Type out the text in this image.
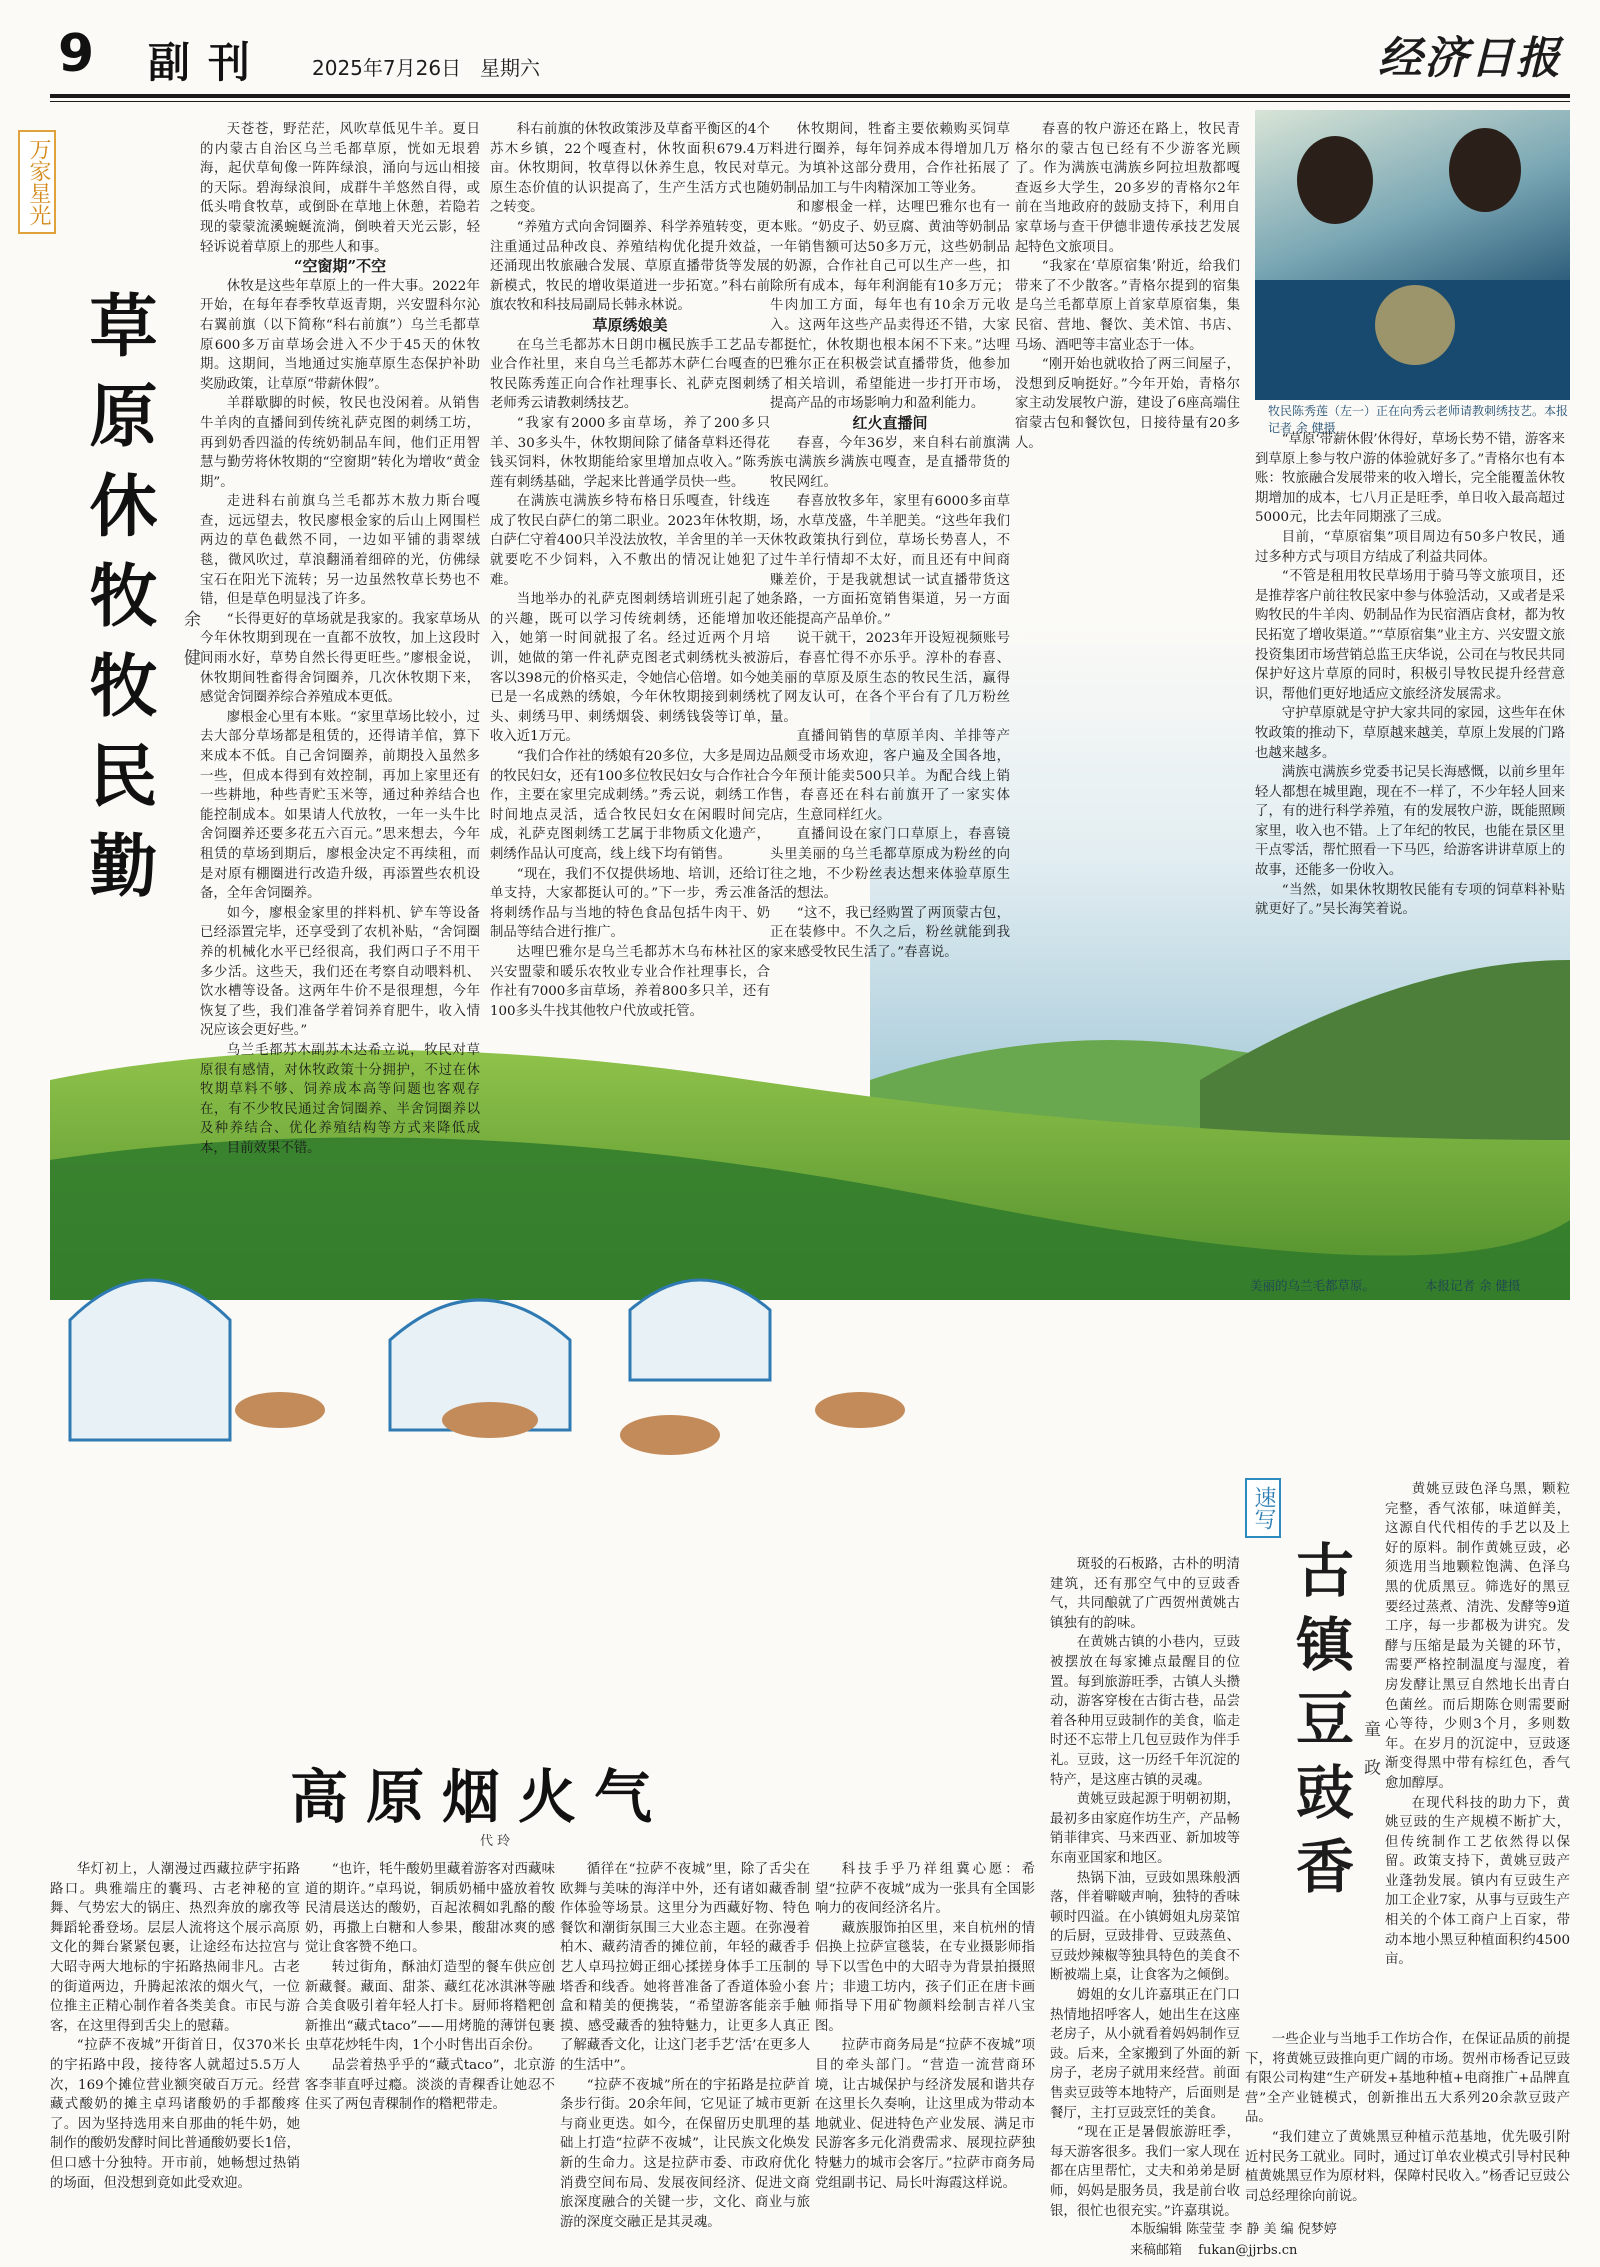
9 副刊 2025年7月26日 星期六	经济日报
万家星光
草原休牧牧民勤	余 健
牧民陈秀莲（左一）正在向秀云老师请教刺绣技艺。本报记者 余 健摄

天苍苍，野茫茫，风吹草低见牛羊。夏日的内蒙古自治区乌兰毛都草原，恍如无垠碧海，起伏草甸像一阵阵绿浪，涌向与远山相接的天际。碧海绿浪间，成群牛羊悠然自得，或低头啃食牧草，或倒卧在草地上休憩，若隐若现的蒙蒙流溪蜿蜒流淌，倒映着天光云影，轻轻诉说着草原上的那些人和事。

“空窗期”不空

休牧是这些年草原上的一件大事。2022年开始，在每年春季牧草返青期，兴安盟科尔沁右翼前旗（以下简称“科右前旗”）乌兰毛都草原600多万亩草场会进入不少于45天的休牧期。这期间，当地通过实施草原生态保护补助奖励政策，让草原“带薪休假”。

羊群歇脚的时候，牧民也没闲着。从销售牛羊肉的直播间到传统礼萨克图的刺绣工坊，再到奶香四溢的传统奶制品车间，他们正用智慧与勤劳将休牧期的“空窗期”转化为增收“黄金期”。

走进科右前旗乌兰毛都苏木敖力斯台嘎查，远远望去，牧民廖根金家的后山上网围栏两边的草色截然不同，一边如平铺的翡翠绒毯，微风吹过，草浪翻涌着细碎的光，仿佛绿宝石在阳光下流转；另一边虽然牧草长势也不错，但是草色明显浅了许多。

“长得更好的草场就是我家的。我家草场从今年休牧期到现在一直都不放牧，加上这段时间雨水好，草势自然长得更旺些。”廖根金说，休牧期间牲畜得舍饲圈养，几次休牧期下来，感觉舍饲圈养综合养殖成本更低。

廖根金心里有本账。“家里草场比较小，过去大部分草场都是租赁的，还得请羊倌，算下来成本不低。自己舍饲圈养，前期投入虽然多一些，但成本得到有效控制，再加上家里还有一些耕地，种些青贮玉米等，通过种养结合也能控制成本。如果请人代放牧，一年一头牛比舍饲圈养还要多花五六百元。”思来想去，今年租赁的草场到期后，廖根金决定不再续租，而是对原有棚圈进行改造升级，再添置些农机设备，全年舍饲圈养。

如今，廖根金家里的拌料机、铲车等设备已经添置完毕，还享受到了农机补贴，“舍饲圈养的机械化水平已经很高，我们两口子不用干多少活。这些天，我们还在考察自动喂料机、饮水槽等设备。这两年牛价不是很理想，今年恢复了些，我们准备学着饲养育肥牛，收入情况应该会更好些。”

乌兰毛都苏木副苏木达希立说，牧民对草原很有感情，对休牧政策十分拥护，不过在休牧期草料不够、饲养成本高等问题也客观存在，有不少牧民通过舍饲圈养、半舍饲圈养以及种养结合、优化养殖结构等方式来降低成本，目前效果不错。

科右前旗的休牧政策涉及草畜平衡区的4个苏木乡镇，22个嘎查村，休牧面积679.4万亩。休牧期间，牧草得以休养生息，牧民对草原生态价值的认识提高了，生产生活方式也随之转变。

“养殖方式向舍饲圈养、科学养殖转变，更注重通过品种改良、养殖结构优化提升效益，还涌现出牧旅融合发展、草原直播带货等发展新模式，牧民的增收渠道进一步拓宽。”科右前旗农牧和科技局副局长韩永林说。

草原绣娘美

在乌兰毛都苏木日朗巾楓民族手工艺品专业合作社里，来自乌兰毛都苏木萨仁台嘎查的牧民陈秀莲正向合作社理事长、礼萨克图刺绣老师秀云请教刺绣技艺。

“我家有2000多亩草场，养了200多只羊、30多头牛，休牧期间除了储备草料还得花钱买饲料，休牧期能给家里增加点收入。”陈秀莲有刺绣基础，学起来比普通学员快一些。

在满族屯满族乡特布格日乐嘎查，针线连成了牧民白萨仁的第二职业。2023年休牧期，白萨仁守着400只羊没法放牧，羊舍里的羊一天就要吃不少饲料，入不敷出的情况让她犯了难。

当地举办的礼萨克图刺绣培训班引起了她的兴趣，既可以学习传统刺绣，还能增加收入，她第一时间就报了名。经过近两个月培训，她做的第一件礼萨克图老式刺绣枕头被游客以398元的价格买走，令她信心倍增。如今她已是一名成熟的绣娘，今年休牧期接到刺绣枕头、刺绣马甲、刺绣烟袋、刺绣钱袋等订单，收入近1万元。

“我们合作社的绣娘有20多位，大多是周边的牧民妇女，还有100多位牧民妇女与合作社合作，主要在家里完成刺绣。”秀云说，刺绣工作时间地点灵活，适合牧民妇女在闲暇时间完成，礼萨克图刺绣工艺属于非物质文化遗产，刺绣作品认可度高，线上线下均有销售。

“现在，我们不仅提供场地、培训，还给订单支持，大家都挺认可的。”下一步，秀云准备将刺绣作品与当地的特色食品包括牛肉干、奶制品等结合进行推广。

达哩巴雅尔是乌兰毛都苏木乌布林社区的兴安盟蒙和暖乐农牧业专业合作社理事长，合作社有7000多亩草场，养着800多只羊，还有100多头牛找其他牧户代放或托管。

休牧期间，牲畜主要依赖购买饲草料进行圈养，每年饲养成本得增加几万元。为填补这部分费用，合作社拓展了奶制品加工与牛肉精深加工等业务。

和廖根金一样，达哩巴雅尔也有一本账。“奶皮子、奶豆腐、黄油等奶制品一年销售额可达50多万元，这些奶制品的奶源，合作社自己可以生产一些，扣除所有成本，每年利润能有10多万元；牛肉加工方面，每年也有10余万元收入。这两年这些产品卖得还不错，大家都挺忙，休牧期也根本闲不下来。”达哩巴雅尔正在积极尝试直播带货，他参加了相关培训，希望能进一步打开市场，提高产品的市场影响力和盈利能力。

红火直播间

春喜，今年36岁，来自科右前旗满族屯满族乡满族屯嘎查，是直播带货的牧民网红。

春喜放牧多年，家里有6000多亩草场，水草茂盛，牛羊肥美。“这些年我们休牧政策执行到位，草场长势喜人，不过牛羊行情却不太好，而且还有中间商赚差价，于是我就想试一试直播带货这条路，一方面拓宽销售渠道，另一方面还能提高产品单价。”

说干就干，2023年开设短视频账号后，春喜忙得不亦乐乎。淳朴的春喜、美丽的草原及原生态的牧民生活，赢得了网友认可，在各个平台有了几万粉丝量。

直播间销售的草原羊肉、羊排等产品颇受市场欢迎，客户遍及全国各地，今年预计能卖500只羊。为配合线上销售，春喜还在科右前旗开了一家实体店，生意同样红火。

直播间设在家门口草原上，春喜镜头里美丽的乌兰毛都草原成为粉丝的向往之地，不少粉丝表达想来体验草原生活的想法。

“这不，我已经购置了两顶蒙古包，正在装修中。不久之后，粉丝就能到我家来感受牧民生活了。”春喜说。

春喜的牧户游还在路上，牧民青格尔的蒙古包已经有不少游客光顾了。作为满族屯满族乡阿拉坦敖都嘎查返乡大学生，20多岁的青格尔2年前在当地政府的鼓励支持下，利用自家草场与查干伊德非遗传承技艺发展起特色文旅项目。

“我家在‘草原宿集’附近，给我们带来了不少散客。”青格尔提到的宿集是乌兰毛都草原上首家草原宿集，集民宿、营地、餐饮、美术馆、书店、马场、酒吧等丰富业态于一体。

“刚开始也就收拾了两三间屋子，没想到反响挺好。”今年开始，青格尔家主动发展牧户游，建设了6座高端住宿蒙古包和餐饮包，日接待量有20多人。	“草原‘带薪休假’休得好，草场长势不错，游客来到草原上参与牧户游的体验就好多了。”青格尔也有本账：牧旅融合发展带来的收入增长，完全能覆盖休牧期增加的成本，七八月正是旺季，单日收入最高超过5000元，比去年同期涨了三成。

目前，“草原宿集”项目周边有50多户牧民，通过多种方式与项目方结成了利益共同体。

“不管是租用牧民草场用于骑马等文旅项目，还是推荐客户前往牧民家中参与体验活动，又或者是采购牧民的牛羊肉、奶制品作为民宿酒店食材，都为牧民拓宽了增收渠道。”“草原宿集”业主方、兴安盟文旅投资集团市场营销总监王庆华说，公司在与牧民共同保护好这片草原的同时，积极引导牧民提升经营意识，帮他们更好地适应文旅经济发展需求。

守护草原就是守护大家共同的家园，这些年在休牧政策的推动下，草原越来越美，草原上发展的门路也越来越多。

满族屯满族乡党委书记吴长海感慨，以前乡里年轻人都想在城里跑，现在不一样了，不少年轻人回来了，有的进行科学养殖，有的发展牧户游，既能照顾家里，收入也不错。上了年纪的牧民，也能在景区里干点零活，帮忙照看一下马匹，给游客讲讲草原上的故事，还能多一份收入。

“当然，如果休牧期牧民能有专项的饲草料补贴就更好了。”吴长海笑着说。

美丽的乌兰毛都草原。	本报记者 余 健摄
高原烟火气
代 玲

华灯初上，人潮漫过西藏拉萨宇拓路路口。典雅端庄的囊玛、古老神秘的宣舞、气势宏大的锅庄、热烈奔放的廓孜等舞蹈轮番登场。层层人流将这个展示高原文化的舞台紧紧包裹，让途经布达拉宫与大昭寺两大地标的宇拓路热闹非凡。古老的街道两边，升腾起浓浓的烟火气，一位位推主正精心制作着各类美食。市民与游客，在这里得到舌尖上的慰藉。

“拉萨不夜城”开街首日，仅370米长的宇拓路中段，接待客人就超过5.5万人次，169个摊位营业额突破百万元。经营藏式酸奶的摊主卓玛诸酸奶的手都酸疼了。因为坚持选用来自那曲的牦牛奶，她制作的酸奶发酵时间比普通酸奶要长1倍，但口感十分独特。开市前，她畅想过热销的场面，但没想到竟如此受欢迎。

“也许，牦牛酸奶里藏着游客对西藏味道的期许。”卓玛说，铜质奶桶中盛放着牧民清晨送达的酸奶，百起浓稠如乳酪的酸奶，再撒上白糖和人参果，酸甜冰爽的感觉让食客赞不绝口。

转过街角，酥油灯造型的餐车供应创新藏餐。藏面、甜茶、藏红花冰淇淋等融合美食吸引着年轻人打卡。厨师将糌粑创新推出“藏式taco”——用烤脆的薄饼包裹虫草花炒牦牛肉，1个小时售出百余份。

品尝着热乎乎的“藏式taco”，北京游客李菲直呼过瘾。淡淡的青稞香让她忍不住买了两包青稞制作的糌粑带走。

循徉在“拉萨不夜城”里，除了舌尖在欧舞与美味的海洋中外，还有诸如藏香制作体验等场景。这里分为西藏好物、特色餐饮和潮街氛围三大业态主题。在弥漫着柏木、藏药清香的摊位前，年轻的藏香手艺人卓玛拉姆正细心揉搓身体手工压制的塔香和线香。她将普准备了香道体验小套盒和精美的便携装，“希望游客能亲手触摸、感受藏香的独特魅力，让更多人真正了解藏香文化，让这门老手艺‘活’在更多人的生活中”。

“拉萨不夜城”所在的宇拓路是拉萨首条步行街。20余年间，它见证了城市更新与商业更迭。如今，在保留历史肌理的基础上打造“拉萨不夜城”，让民族文化焕发新的生命力。这是拉萨市委、市政府优化消费空间布局、发展夜间经济、促进文商旅深度融合的关键一步，文化、商业与旅游的深度交融正是其灵魂。

科技手乎乃祥组冀心愿：希望“拉萨不夜城”成为一张具有全国影响力的夜间经济名片。

藏族服饰拍区里，来自杭州的情侣换上拉萨宣毯装，在专业摄影师指导下以雪色中的大昭寺为背景拍摄照片；非遗工坊内，孩子们正在唐卡画师指导下用矿物颜料绘制吉祥八宝图。

拉萨市商务局是“拉萨不夜城”项目的牵头部门。“营造一流营商环境，让古城保护与经济发展和谐共存在这里长久奏响，让这里成为带动本地就业、促进特色产业发展、满足市民游客多元化消费需求、展现拉萨独特魅力的城市会客厅。”拉萨市商务局党组副书记、局长叶海霞这样说。

速写
古镇豆豉香 童 政

斑驳的石板路，古朴的明清建筑，还有那空气中的豆豉香气，共同酿就了广西贺州黄姚古镇独有的韵味。

在黄姚古镇的小巷内，豆豉被摆放在每家摊点最醒目的位置。每到旅游旺季，古镇人头攒动，游客穿梭在古街古巷，品尝着各种用豆豉制作的美食，临走时还不忘带上几包豆豉作为伴手礼。豆豉，这一历经千年沉淀的特产，是这座古镇的灵魂。

黄姚豆豉起源于明朝初期，最初多由家庭作坊生产，产品畅销菲律宾、马来西亚、新加坡等东南亚国家和地区。

热锅下油，豆豉如黑珠般洒落，伴着噼啵声响，独特的香味顿时四溢。在小镇姆姐丸房菜馆的后厨，豆豉排骨、豆豉蒸鱼、豆豉炒辣椒等独具特色的美食不断被端上桌，让食客为之倾倒。

姆姐的女儿许嘉琪正在门口热情地招呼客人，她出生在这座老房子，从小就看着妈妈制作豆豉。后来，全家搬到了外面的新房子，老房子就用来经营。前面售卖豆豉等本地特产，后面则是餐厅，主打豆豉烹饪的美食。

“现在正是暑假旅游旺季，每天游客很多。我们一家人现在都在店里帮忙，丈夫和弟弟是厨师，妈妈是服务员，我是前台收银，很忙也很充实。”许嘉琪说。

黄姚豆豉色泽乌黑，颗粒完整，香气浓郁，味道鲜美，这源自代代相传的手艺以及上好的原料。制作黄姚豆豉，必须选用当地颗粒饱满、色泽乌黑的优质黑豆。筛选好的黑豆要经过蒸煮、清洗、发酵等9道工序，每一步都极为讲究。发酵与压缩是最为关键的环节，需要严格控制温度与湿度，着房发酵让黑豆自然地长出青白色菌丝。而后期陈仓则需要耐心等待，少则3个月，多则数年。在岁月的沉淀中，豆豉逐渐变得黑中带有棕红色，香气愈加醇厚。

在现代科技的助力下，黄姚豆豉的生产规模不断扩大，但传统制作工艺依然得以保留。政策支持下，黄姚豆豉产业蓬勃发展。镇内有豆豉生产加工企业7家，从事与豆豉生产相关的个体工商户上百家，带动本地小黑豆种植面积约4500亩。

一些企业与当地手工作坊合作，在保证品质的前提下，将黄姚豆豉推向更广阔的市场。贺州市杨香记豆豉有限公司构建“生产研发+基地种植+电商推广+品牌直营”全产业链模式，创新推出五大系列20余款豆豉产品。

“我们建立了黄姚黑豆种植示范基地，优先吸引附近村民务工就业。同时，通过订单农业模式引导村民种植黄姚黑豆作为原材料，保障村民收入。”杨香记豆豉公司总经理徐向前说。

本版编辑 陈莹莹 李 静 美 编 倪梦婷
来稿邮箱 fukan@jjrbs.cn
